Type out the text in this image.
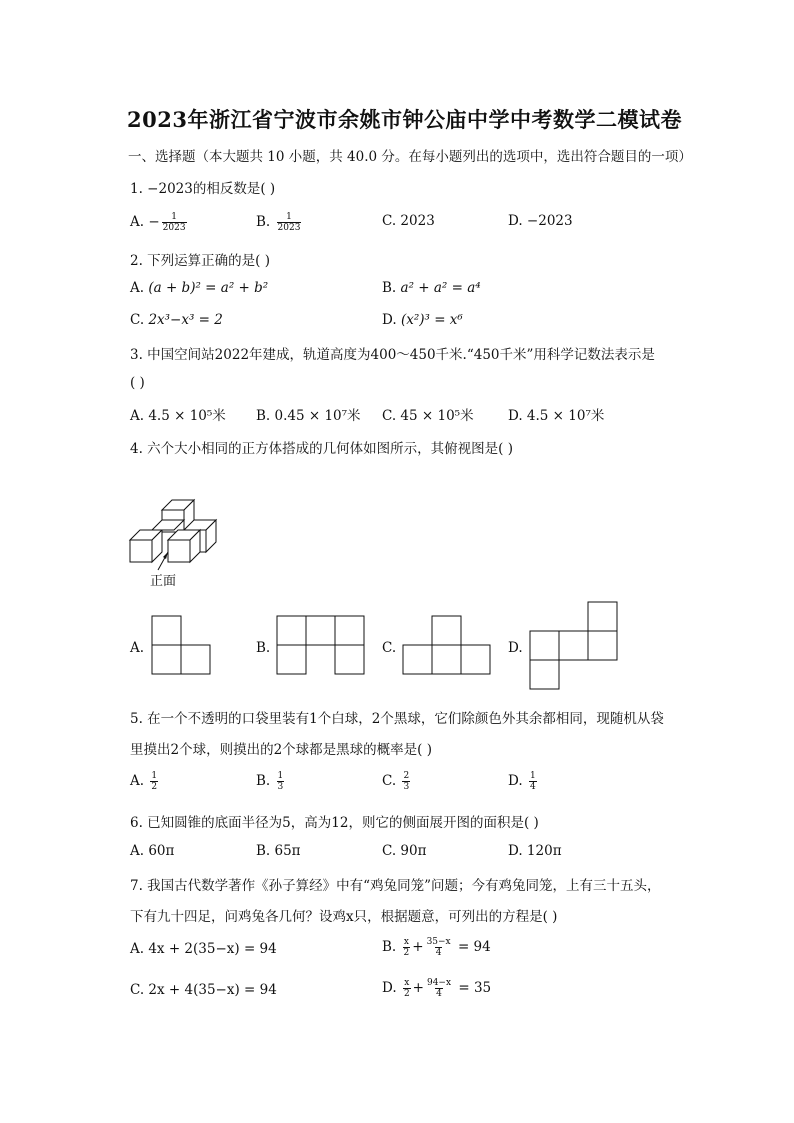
2023年浙江省宁波市余姚市钟公庙中学中考数学二模试卷
一、选择题（本大题共 10 小题，共 40.0 分。在每小题列出的选项中，选出符合题目的一项）
1. −2023的相反数是( )
A. − $\frac{1}{2023}$	B. $\frac{1}{2023}$	C. 2023	D. −2023
2. 下列运算正确的是( )
A. (a + b)² = a² + b²	B. a² + a² = a⁴
C. 2x³−x³ = 2	D. (x²)³ = x⁶
3. 中国空间站2022年建成，轨道高度为400～450千米.“450千米”用科学记数法表示是
( )
A. 4.5 × 10⁵米 B. 0.45 × 10⁷米 C. 45 × 10⁵米	D. 4.5 × 10⁷米
4. 六个大小相同的正方体搭成的几何体如图所示，其俯视图是( )
正面
A.	B.	C.	D.
5. 在一个不透明的口袋里装有1个白球，2个黑球，它们除颜色外其余都相同，现随机从袋
里摸出2个球，则摸出的2个球都是黑球的概率是( )
A. $\frac{1}{2}$	B. $\frac{1}{3}$	C. $\frac{2}{3}$	D. $\frac{1}{4}$
6. 已知圆锥的底面半径为5，高为12，则它的侧面展开图的面积是( )
A. 60π	B. 65π	C. 90π	D. 120π
7. 我国古代数学著作《孙子算经》中有“鸡兔同笼”问题；今有鸡兔同笼，上有三十五头，
下有九十四足，问鸡兔各几何？设鸡x只，根据题意，可列出的方程是( )
A. 4x + 2(35−x) = 94	B. $\frac{x}{2} + \frac{35-x}{4} = 94$
C. 2x + 4(35−x) = 94	D. $\frac{x}{2} + \frac{94-x}{4} = 35$
